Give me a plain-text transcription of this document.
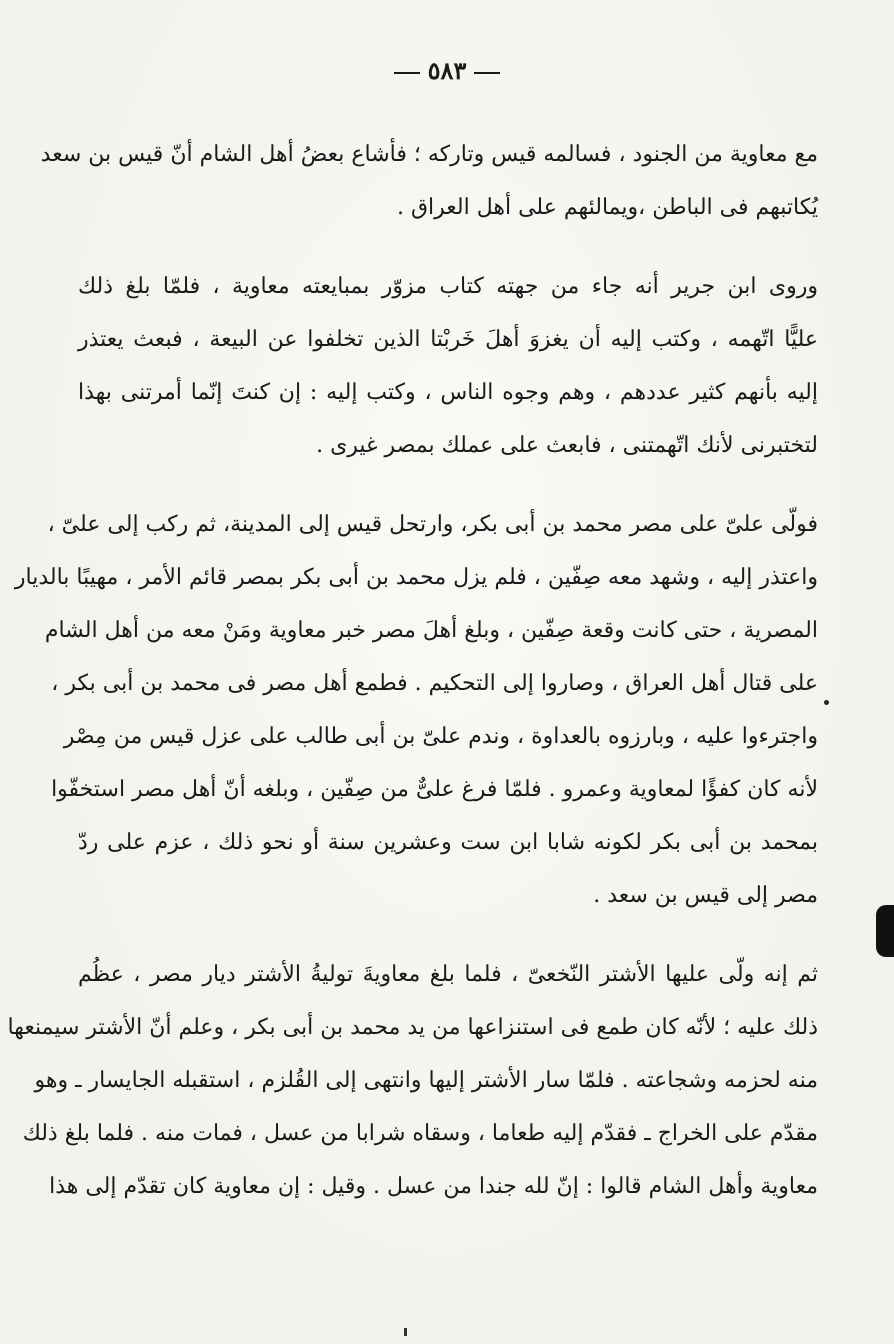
٥٨٣

مع معاوية من الجنود ، فسالمه قيس وتاركه ؛ فأشاع بعضُ أهل الشام أنّ قيس بن سعد
يُكاتبهم فى الباطن ،ويمالئهم على أهل العراق .

وروى ابن جرير أنه جاء من جهته كتاب مزوّر بمبايعته معاوية ، فلمّا بلغ ذلك
عليًّا اتّهمه ، وكتب إليه أن يغزوَ أهلَ خَربْتا الذين تخلفوا عن البيعة ، فبعث يعتذر
إليه بأنهم كثير عددهم ، وهم وجوه الناس ، وكتب إليه : إن كنتَ إنّما أمرتنى بهذا
لتختبرنى لأنك اتّهمتنى ، فابعث على عملك بمصر غيرى .

فولّى علىّ على مصر محمد بن أبى بكر، وارتحل قيس إلى المدينة، ثم ركب إلى علىّ ،
واعتذر إليه ، وشهد معه صِفّين ، فلم يزل محمد بن أبى بكر بمصر قائم الأمر ، مهيبًا بالديار
المصرية ، حتى كانت وقعة صِفّين ، وبلغ أهلَ مصر خبر معاوية ومَنْ معه من أهل الشام
على قتال أهل العراق ، وصاروا إلى التحكيم . فطمع أهل مصر فى محمد بن أبى بكر ،
واجترءوا عليه ، وبارزوه بالعداوة ، وندم علىّ بن أبى طالب على عزل قيس من مِصْر
لأنه كان كفؤًا لمعاوية وعمرو . فلمّا فرغ علىٌّ من صِفّين ، وبلغه أنّ أهل مصر استخفّوا
بمحمد بن أبى بكر لكونه شابا ابن ست وعشرين سنة أو نحو ذلك ، عزم على ردّ
مصر إلى قيس بن سعد .

ثم إنه ولّى عليها الأشتر النّخعىّ ، فلما بلغ معاويةَ توليةُ الأشتر ديار مصر ، عظُم
ذلك عليه ؛ لأنّه كان طمع فى استنزاعها من يد محمد بن أبى بكر ، وعلم أنّ الأشتر سيمنعها
منه لحزمه وشجاعته . فلمّا سار الأشتر إليها وانتهى إلى القُلزم ، استقبله الجايسار ـ وهو
مقدّم على الخراج ـ فقدّم إليه طعاما ، وسقاه شرابا من عسل ، فمات منه . فلما بلغ ذلك
معاوية وأهل الشام قالوا : إنّ لله جندا من عسل . وقيل : إن معاوية كان تقدّم إلى هذا
